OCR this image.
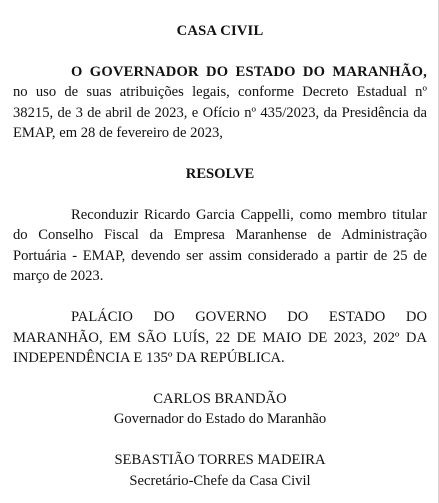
CASA CIVIL

O GOVERNADOR DO ESTADO DO MARANHÃO, no uso de suas atribuições legais, conforme Decreto Estadual nº 38215, de 3 de abril de 2023, e Ofício nº 435/2023, da Presidência da EMAP, em 28 de fevereiro de 2023,

RESOLVE

Reconduzir Ricardo Garcia Cappelli, como membro titular do Conselho Fiscal da Empresa Maranhense de Administração Portuária - EMAP, devendo ser assim considerado a partir de 25 de março de 2023.

PALÁCIO DO GOVERNO DO ESTADO DO MARANHÃO, EM SÃO LUÍS, 22 DE MAIO DE 2023, 202º DA INDEPENDÊNCIA E 135º DA REPÚBLICA.

CARLOS BRANDÃO

Governador do Estado do Maranhão

SEBASTIÃO TORRES MADEIRA

Secretário-Chefe da Casa Civil
